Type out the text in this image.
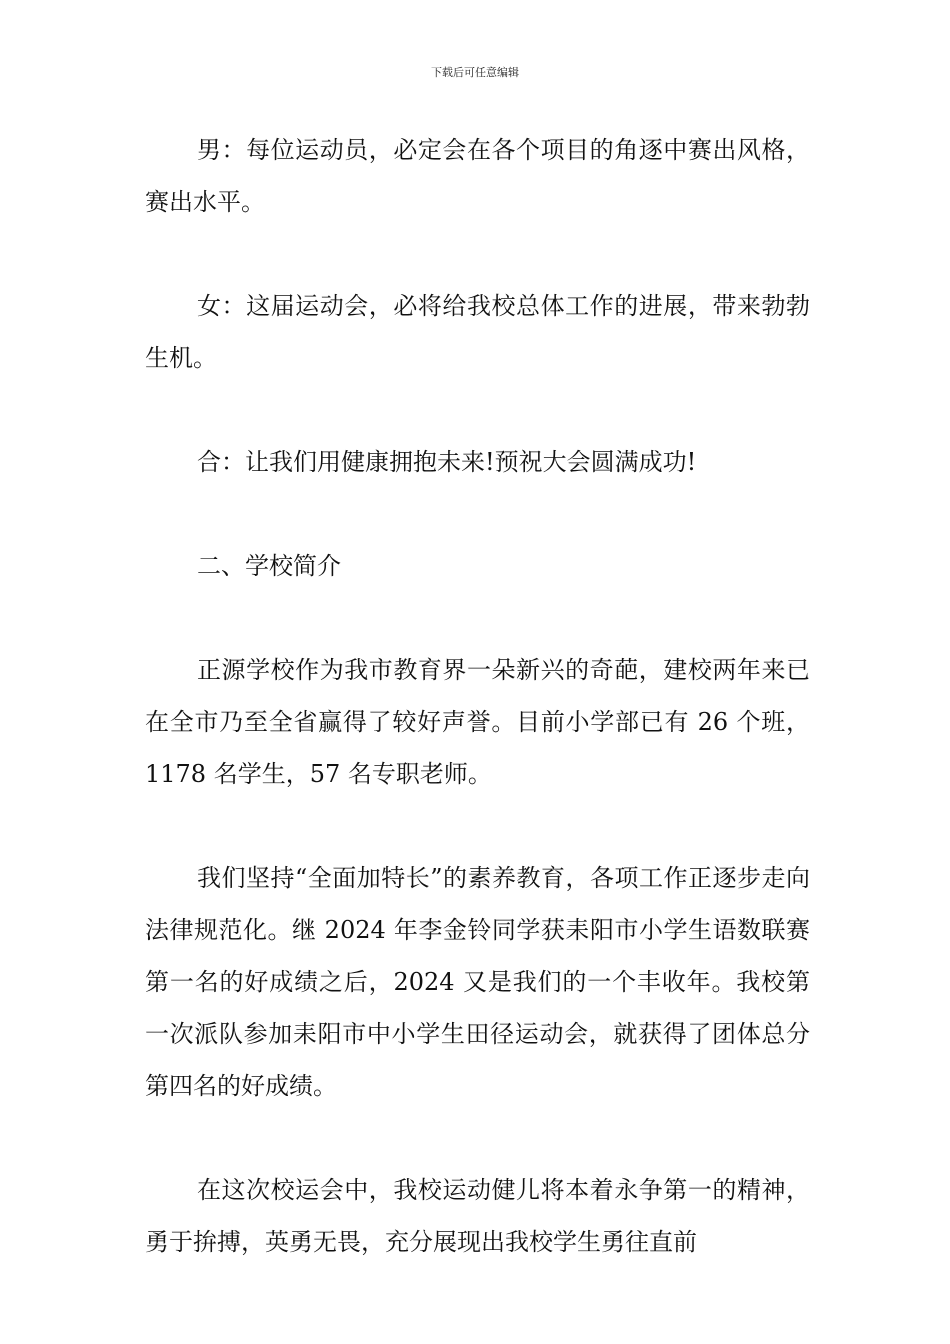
下载后可任意编辑

男：每位运动员，必定会在各个项目的角逐中赛出风格，赛出水平。

女：这届运动会，必将给我校总体工作的进展，带来勃勃生机。

合：让我们用健康拥抱未来!预祝大会圆满成功!

二、学校简介

正源学校作为我市教育界一朵新兴的奇葩，建校两年来已在全市乃至全省赢得了较好声誉。目前小学部已有 26 个班，1178 名学生，57 名专职老师。

我们坚持“全面加特长”的素养教育，各项工作正逐步走向法律规范化。继 2024 年李金铃同学获耒阳市小学生语数联赛第一名的好成绩之后，2024 又是我们的一个丰收年。我校第一次派队参加耒阳市中小学生田径运动会，就获得了团体总分第四名的好成绩。

在这次校运会中，我校运动健儿将本着永争第一的精神，勇于拚搏，英勇无畏，充分展现出我校学生勇往直前
